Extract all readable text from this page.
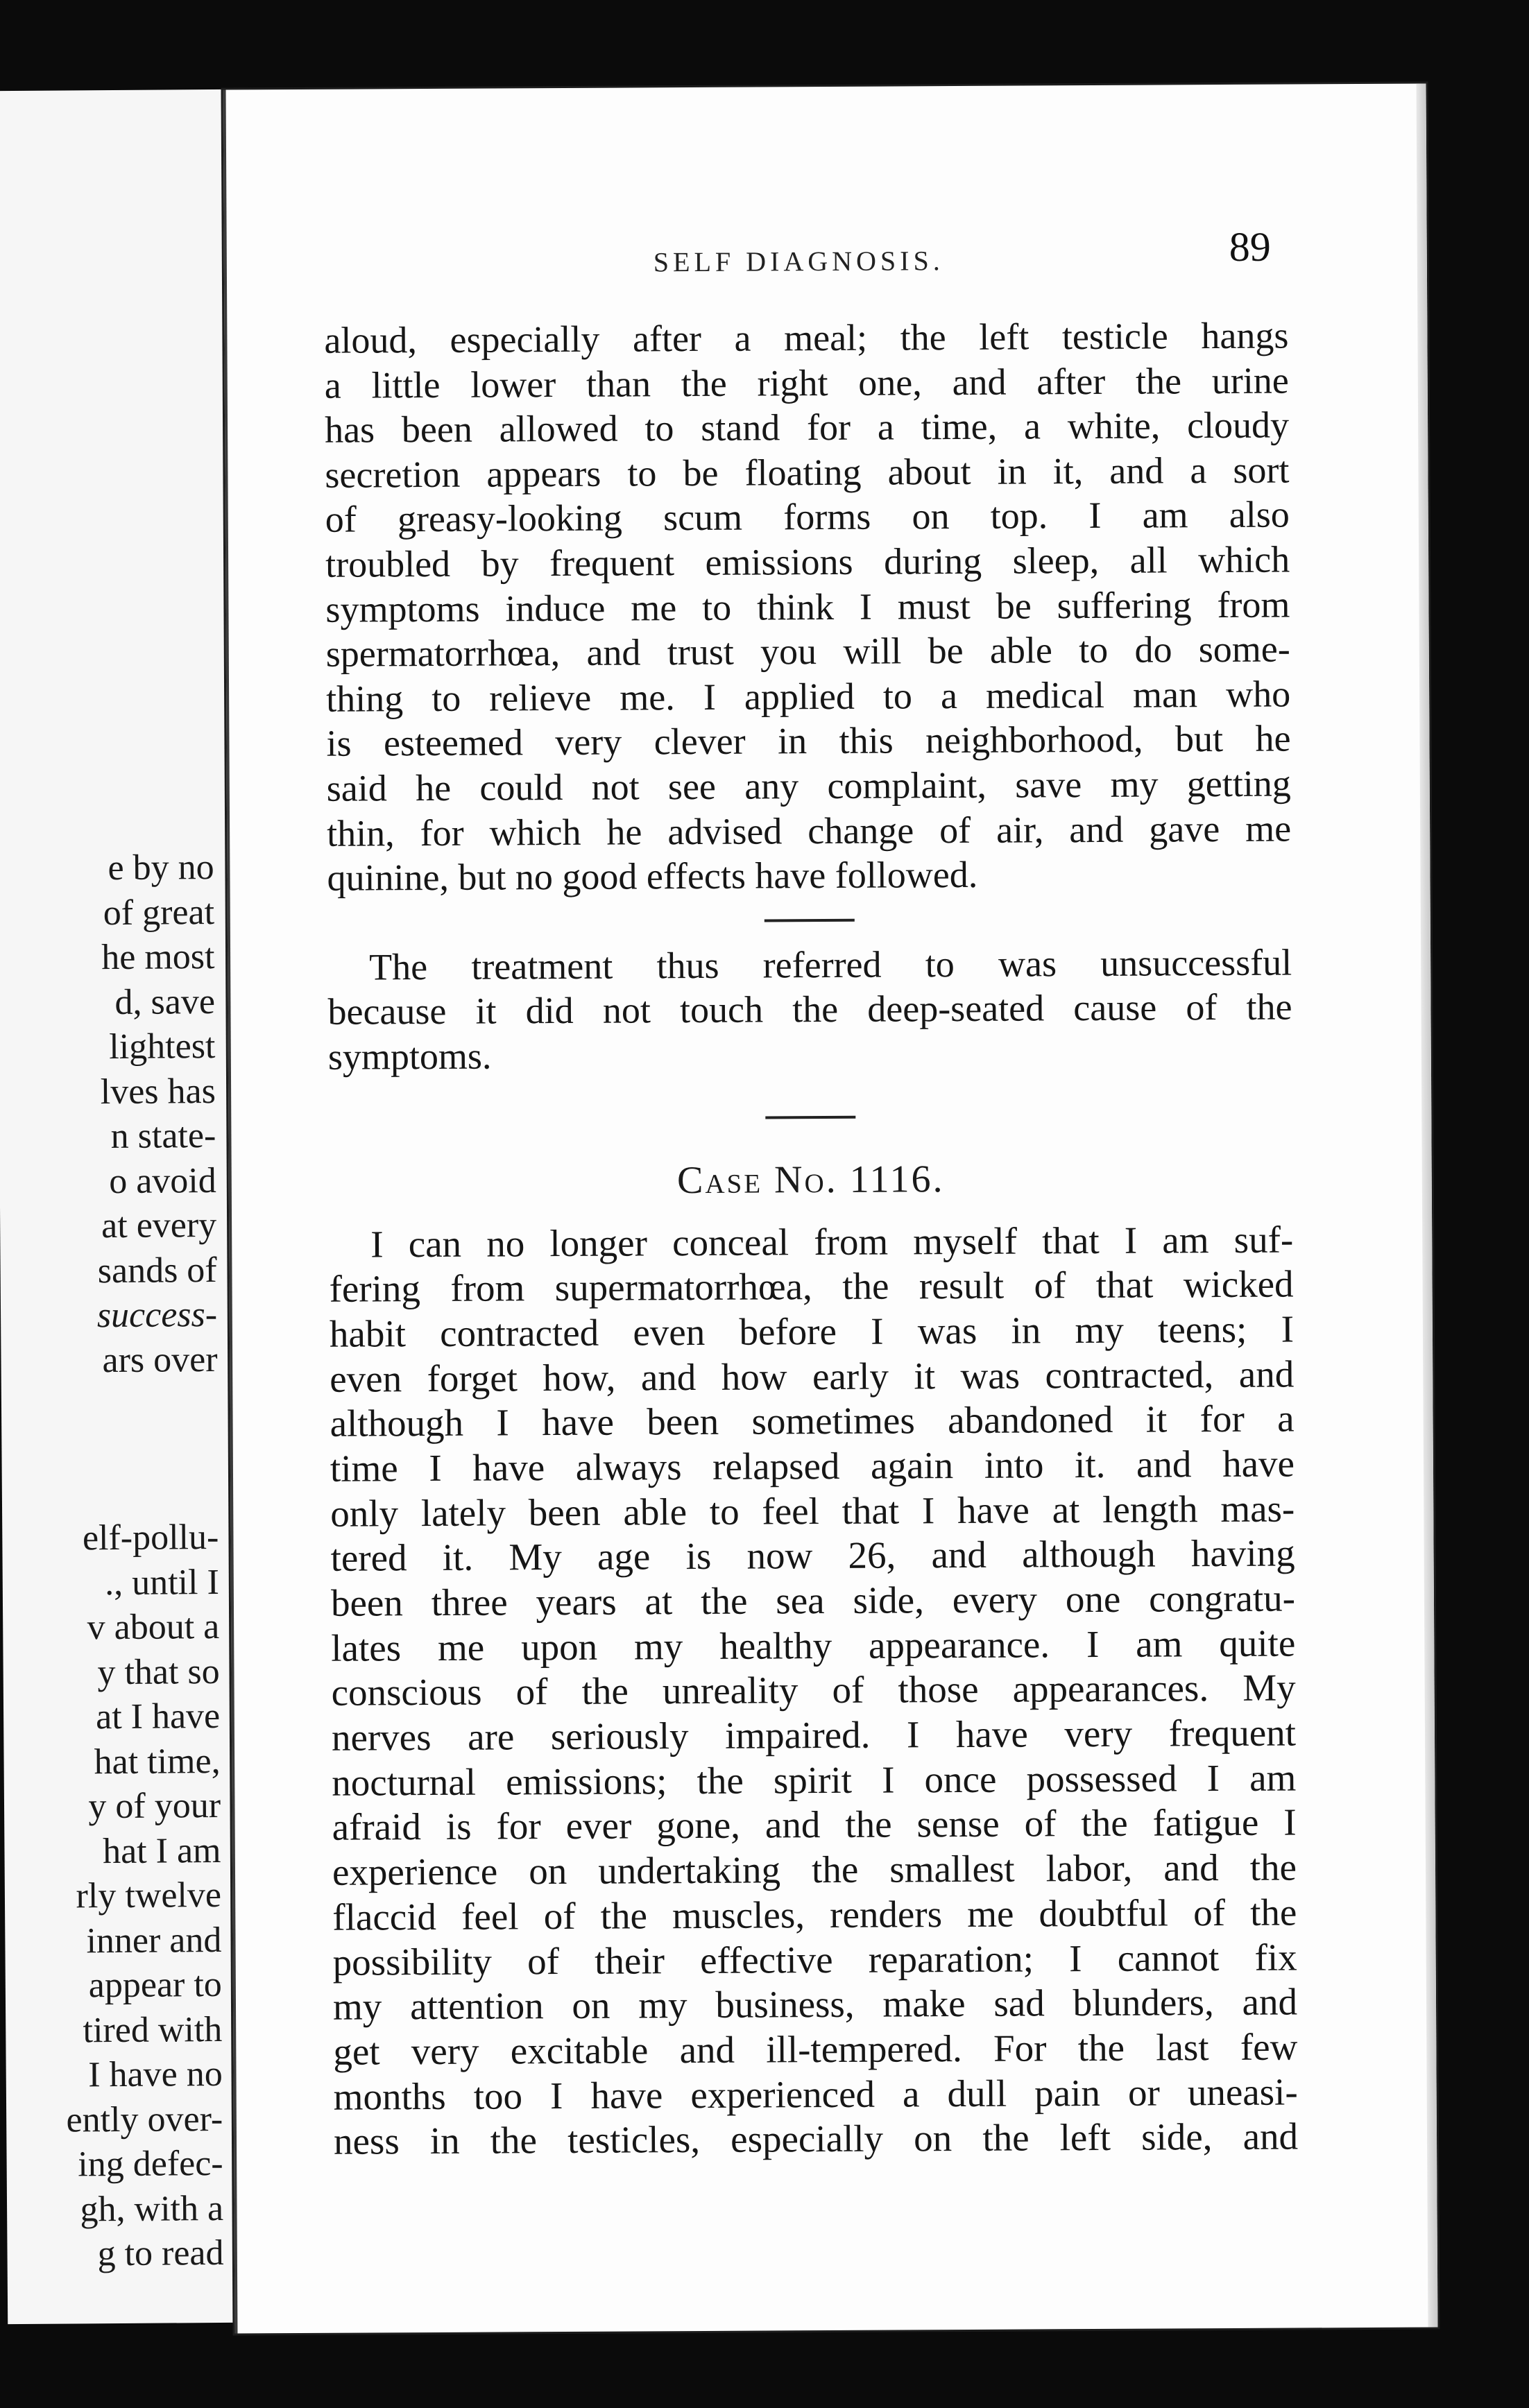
e by no
of great
he most
d, save
lightest
lves has
n state-
o avoid
at every
sands of
success-
ars over
elf-pollu-
., until I
v about a
y that so
at I have
hat time,
y of your
hat I am
rly twelve
inner and
appear to
tired with
I have no
ently over-
ing defec-
gh, with a
g to read
SELF DIAGNOSIS.	89
aloud, especially after a meal; the left testicle hangs
a little lower than the right one, and after the urine
has been allowed to stand for a time, a white, cloudy
secretion appears to be floating about in it, and a sort
of greasy-looking scum forms on top. I am also
troubled by frequent emissions during sleep, all which
symptoms induce me to think I must be suffering from
spermatorrhœa, and trust you will be able to do some-
thing to relieve me. I applied to a medical man who
is esteemed very clever in this neighborhood, but he
said he could not see any complaint, save my getting
thin, for which he advised change of air, and gave me
quinine, but no good effects have followed.
The treatment thus referred to was unsuccessful
because it did not touch the deep-seated cause of the
symptoms.
Case No. 1116.
I can no longer conceal from myself that I am suf-
fering from supermatorrhœa, the result of that wicked
habit contracted even before I was in my teens; I
even forget how, and how early it was contracted, and
although I have been sometimes abandoned it for a
time I have always relapsed again into it. and have
only lately been able to feel that I have at length mas-
tered it. My age is now 26, and although having
been three years at the sea side, every one congratu-
lates me upon my healthy appearance. I am quite
conscious of the unreality of those appearances. My
nerves are seriously impaired. I have very frequent
nocturnal emissions; the spirit I once possessed I am
afraid is for ever gone, and the sense of the fatigue I
experience on undertaking the smallest labor, and the
flaccid feel of the muscles, renders me doubtful of the
possibility of their effective reparation; I cannot fix
my attention on my business, make sad blunders, and
get very excitable and ill-tempered. For the last few
months too I have experienced a dull pain or uneasi-
ness in the testicles, especially on the left side, and
